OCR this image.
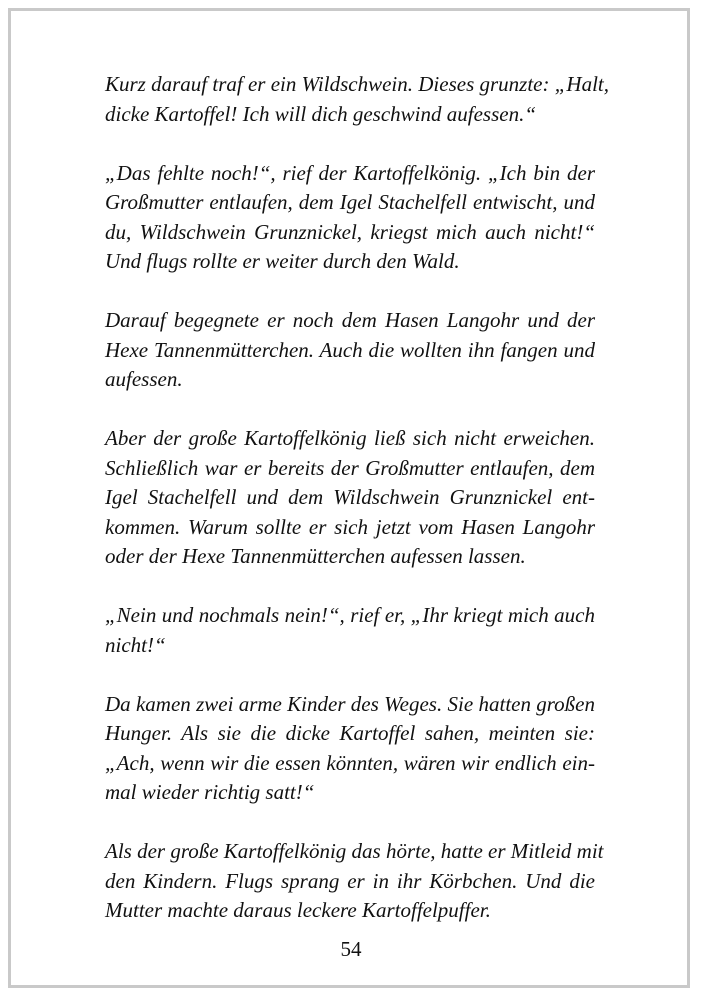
Kurz darauf traf er ein Wildschwein. Dieses grunzte: „Halt,
dicke Kartoffel! Ich will dich geschwind aufessen.“

„Das fehlte noch!“, rief der Kartoffelkönig. „Ich bin der
Großmutter entlaufen, dem Igel Stachelfell entwischt, und
du, Wildschwein Grunznickel, kriegst mich auch nicht!“
Und flugs rollte er weiter durch den Wald.

Darauf begegnete er noch dem Hasen Langohr und der
Hexe Tannenmütterchen. Auch die wollten ihn fangen und
aufessen.

Aber der große Kartoffelkönig ließ sich nicht erweichen.
Schließlich war er bereits der Großmutter entlaufen, dem
Igel Stachelfell und dem Wildschwein Grunznickel ent-
kommen. Warum sollte er sich jetzt vom Hasen Langohr
oder der Hexe Tannenmütterchen aufessen lassen.

„Nein und nochmals nein!“, rief er, „Ihr kriegt mich auch
nicht!“

Da kamen zwei arme Kinder des Weges. Sie hatten großen
Hunger. Als sie die dicke Kartoffel sahen, meinten sie:
„Ach, wenn wir die essen könnten, wären wir endlich ein-
mal wieder richtig satt!“

Als der große Kartoffelkönig das hörte, hatte er Mitleid mit
den Kindern. Flugs sprang er in ihr Körbchen. Und die
Mutter machte daraus leckere Kartoffelpuffer.

54
